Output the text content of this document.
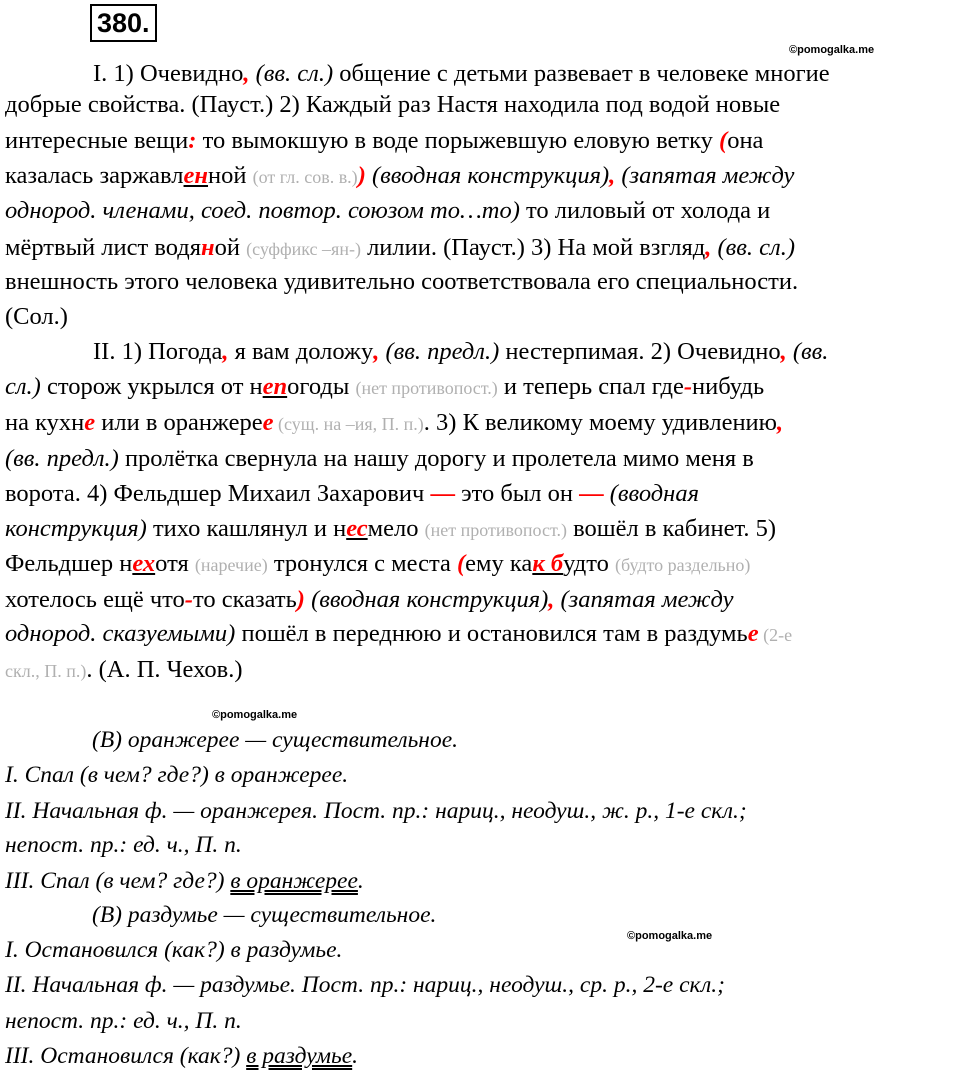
380.
©pomogalka.me
I. 1) Очевидно, (вв. сл.) общение с детьми развевает в человеке многие
добрые свойства. (Пауст.) 2) Каждый раз Настя находила под водой новые
интересные вещи: то вымокшую в воде порыжевшую еловую ветку (она
казалась заржавленной (от гл. сов. в.)) (вводная конструкция), (запятая между
однород. членами, соед. повтор. союзом то…то) то лиловый от холода и
мёртвый лист водяной (суффикс –ян-) лилии. (Пауст.) 3) На мой взгляд, (вв. сл.)
внешность этого человека удивительно соответствовала его специальности.
(Сол.)
II. 1) Погода, я вам доложу, (вв. предл.) нестерпимая. 2) Очевидно, (вв.
сл.) сторож укрылся от непогоды (нет противопост.) и теперь спал где-нибудь
на кухне или в оранжерее (сущ. на –ия, П. п.). 3) К великому моему удивлению,
(вв. предл.) пролётка свернула на нашу дорогу и пролетела мимо меня в
ворота. 4) Фельдшер Михаил Захарович — это был он — (вводная
конструкция) тихо кашлянул и несмело (нет противопост.) вошёл в кабинет. 5)
Фельдшер нехотя (наречие) тронулся с места (ему как будто (будто раздельно)
хотелось ещё что-то сказать) (вводная конструкция), (запятая между
однород. сказуемыми) пошёл в переднюю и остановился там в раздумье (2-е
скл., П. п.). (А. П. Чехов.)
©pomogalka.me
(В) оранжерее — существительное.
I. Спал (в чем? где?) в оранжерее.
II. Начальная ф. — оранжерея. Пост. пр.: нариц., неодуш., ж. р., 1-е скл.;
непост. пр.: ед. ч., П. п.
III. Спал (в чем? где?) в оранжерее.
(В) раздумье — существительное.
©pomogalka.me
I. Остановился (как?) в раздумье.
II. Начальная ф. — раздумье. Пост. пр.: нариц., неодуш., ср. р., 2-е скл.;
непост. пр.: ед. ч., П. п.
III. Остановился (как?) в раздумье.
